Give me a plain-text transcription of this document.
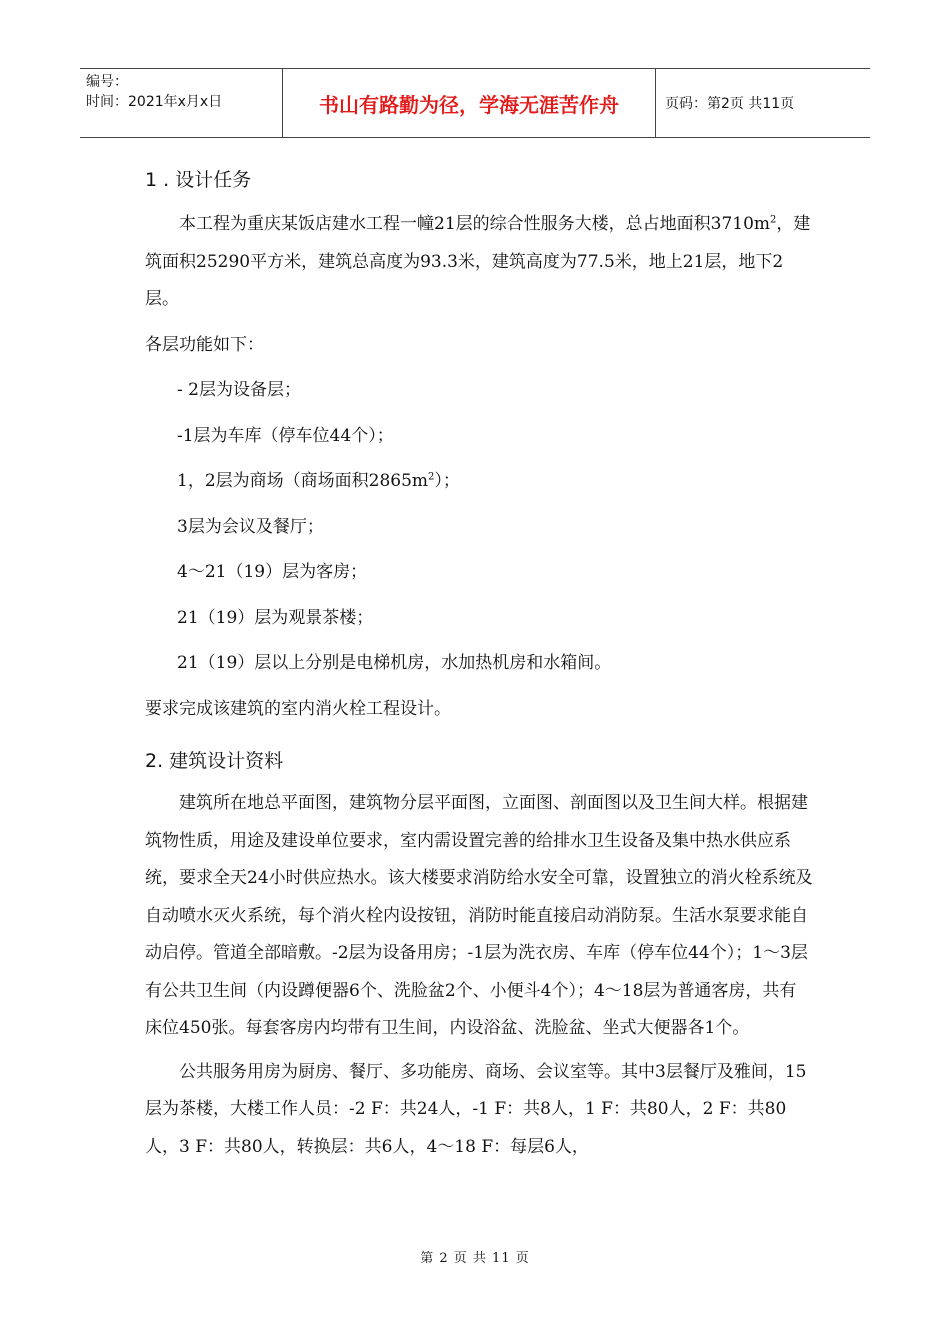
编号：
时间：2021年x月x日	书山有路勤为径，学海无涯苦作舟	页码：第2页 共11页
1 . 设计任务

本工程为重庆某饭店建水工程一幢21层的综合性服务大楼，总占地面积$3710m^2$，建筑面积25290平方米，建筑总高度为93.3米，建筑高度为77.5米，地上21层，地下2层。

各层功能如下：

- 2层为设备层；

-1层为车库（停车位44个）；

1，2层为商场（商场面积$2865m^2$）；

3层为会议及餐厅；

4～21（19）层为客房；

21（19）层为观景茶楼；

21（19）层以上分别是电梯机房，水加热机房和水箱间。

要求完成该建筑的室内消火栓工程设计。

2. 建筑设计资料

建筑所在地总平面图，建筑物分层平面图，立面图、剖面图以及卫生间大样。根据建筑物性质，用途及建设单位要求，室内需设置完善的给排水卫生设备及集中热水供应系统，要求全天24小时供应热水。该大楼要求消防给水安全可靠，设置独立的消火栓系统及自动喷水灭火系统，每个消火栓内设按钮，消防时能直接启动消防泵。生活水泵要求能自动启停。管道全部暗敷。-2层为设备用房；-1层为洗衣房、车库（停车位44个）；1～3层有公共卫生间（内设蹲便器6个、洗脸盆2个、小便斗4个）；4～18层为普通客房，共有床位450张。每套客房内均带有卫生间，内设浴盆、洗脸盆、坐式大便器各1个。

公共服务用房为厨房、餐厅、多功能房、商场、会议室等。其中3层餐厅及雅间，15层为茶楼，大楼工作人员：-2 F：共24人，-1 F：共8人，1 F：共80人，2 F：共80人，3 F：共80人，转换层：共6人，4～18 F：每层6人，

第 2 页 共 11 页
